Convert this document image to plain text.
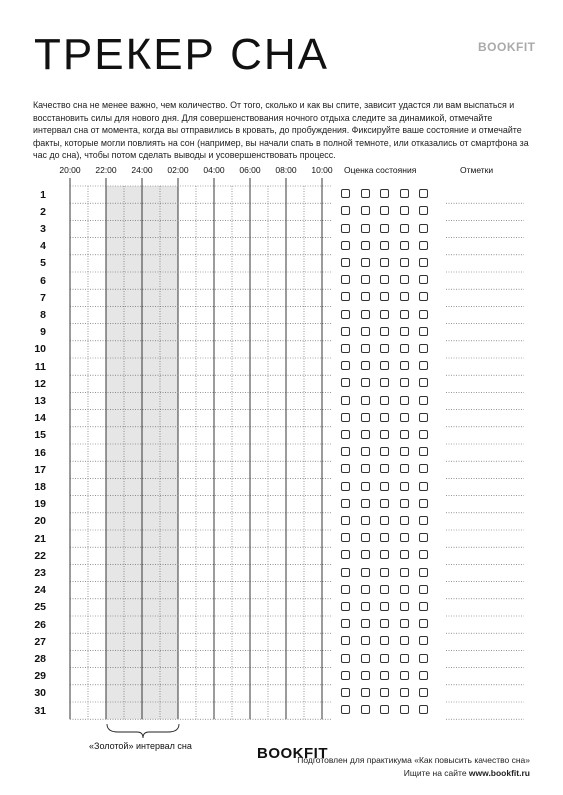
ТРЕКЕР СНА	BOOKFIT
Качество сна не менее важно, чем количество. От того, сколько и как вы спите, зависит удастся ли вам выспаться и восстановить силы для нового дня. Для совершенствования ночного отдыха следите за динамикой, отмечайте интервал сна от момента, когда вы отправились в кровать, до пробуждения. Фиксируйте ваше состояние и отмечайте факты, которые могли повлиять на сон (например, вы начали спать в полной темноте, или отказались от смартфона за час до сна), чтобы потом сделать выводы и усовершенствовать процесс.
20:00 22:00 24:00 02:00 04:00 06:00 08:00 10:00 Оценка состояния	Отметки
1
2
3
4
5
6
7
8
9
10
11
12
13
14
15
16
17
18
19
20
21
22
23
24
25
26
27
28
29
30
31
«Золотой» интервал сна	BOOKFIT
Подготовлен для практикума «Как повысить качество сна»
Ищите на сайте www.bookfit.ru
